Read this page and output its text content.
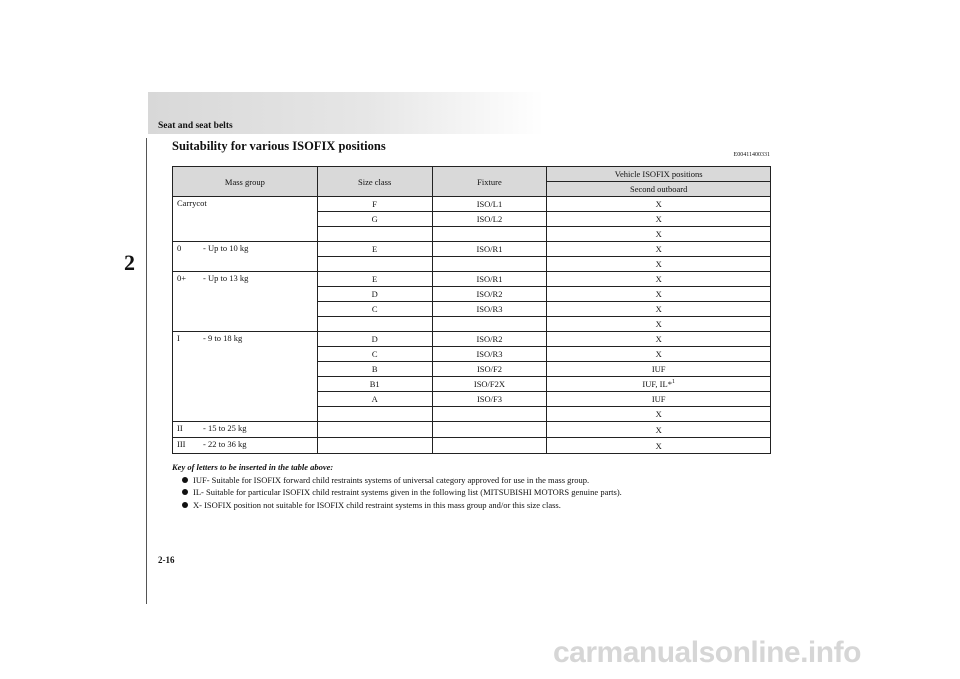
Seat and seat belts
2
Suitability for various ISOFIX positions
E00411400331
Mass group	Size class	Fixture	Vehicle ISOFIX positions
			Second outboard
Carrycot	F	ISO/L1	X
	G	ISO/L2	X
			X
0 - Up to 10 kg	E	ISO/R1	X
			X
0+ - Up to 13 kg	E	ISO/R1	X
	D	ISO/R2	X
	C	ISO/R3	X
			X
I - 9 to 18 kg	D	ISO/R2	X
	C	ISO/R3	X
	B	ISO/F2	IUF
	B1	ISO/F2X	IUF, IL*$^1$
	A	ISO/F3	IUF
			X
II - 15 to 25 kg			X
III - 22 to 36 kg			X
Key of letters to be inserted in the table above:
IUF- Suitable for ISOFIX forward child restraints systems of universal category approved for use in the mass group.
IL- Suitable for particular ISOFIX child restraint systems given in the following list (MITSUBISHI MOTORS genuine parts).
X- ISOFIX position not suitable for ISOFIX child restraint systems in this mass group and/or this size class.
2-16
carmanualsonline.info
